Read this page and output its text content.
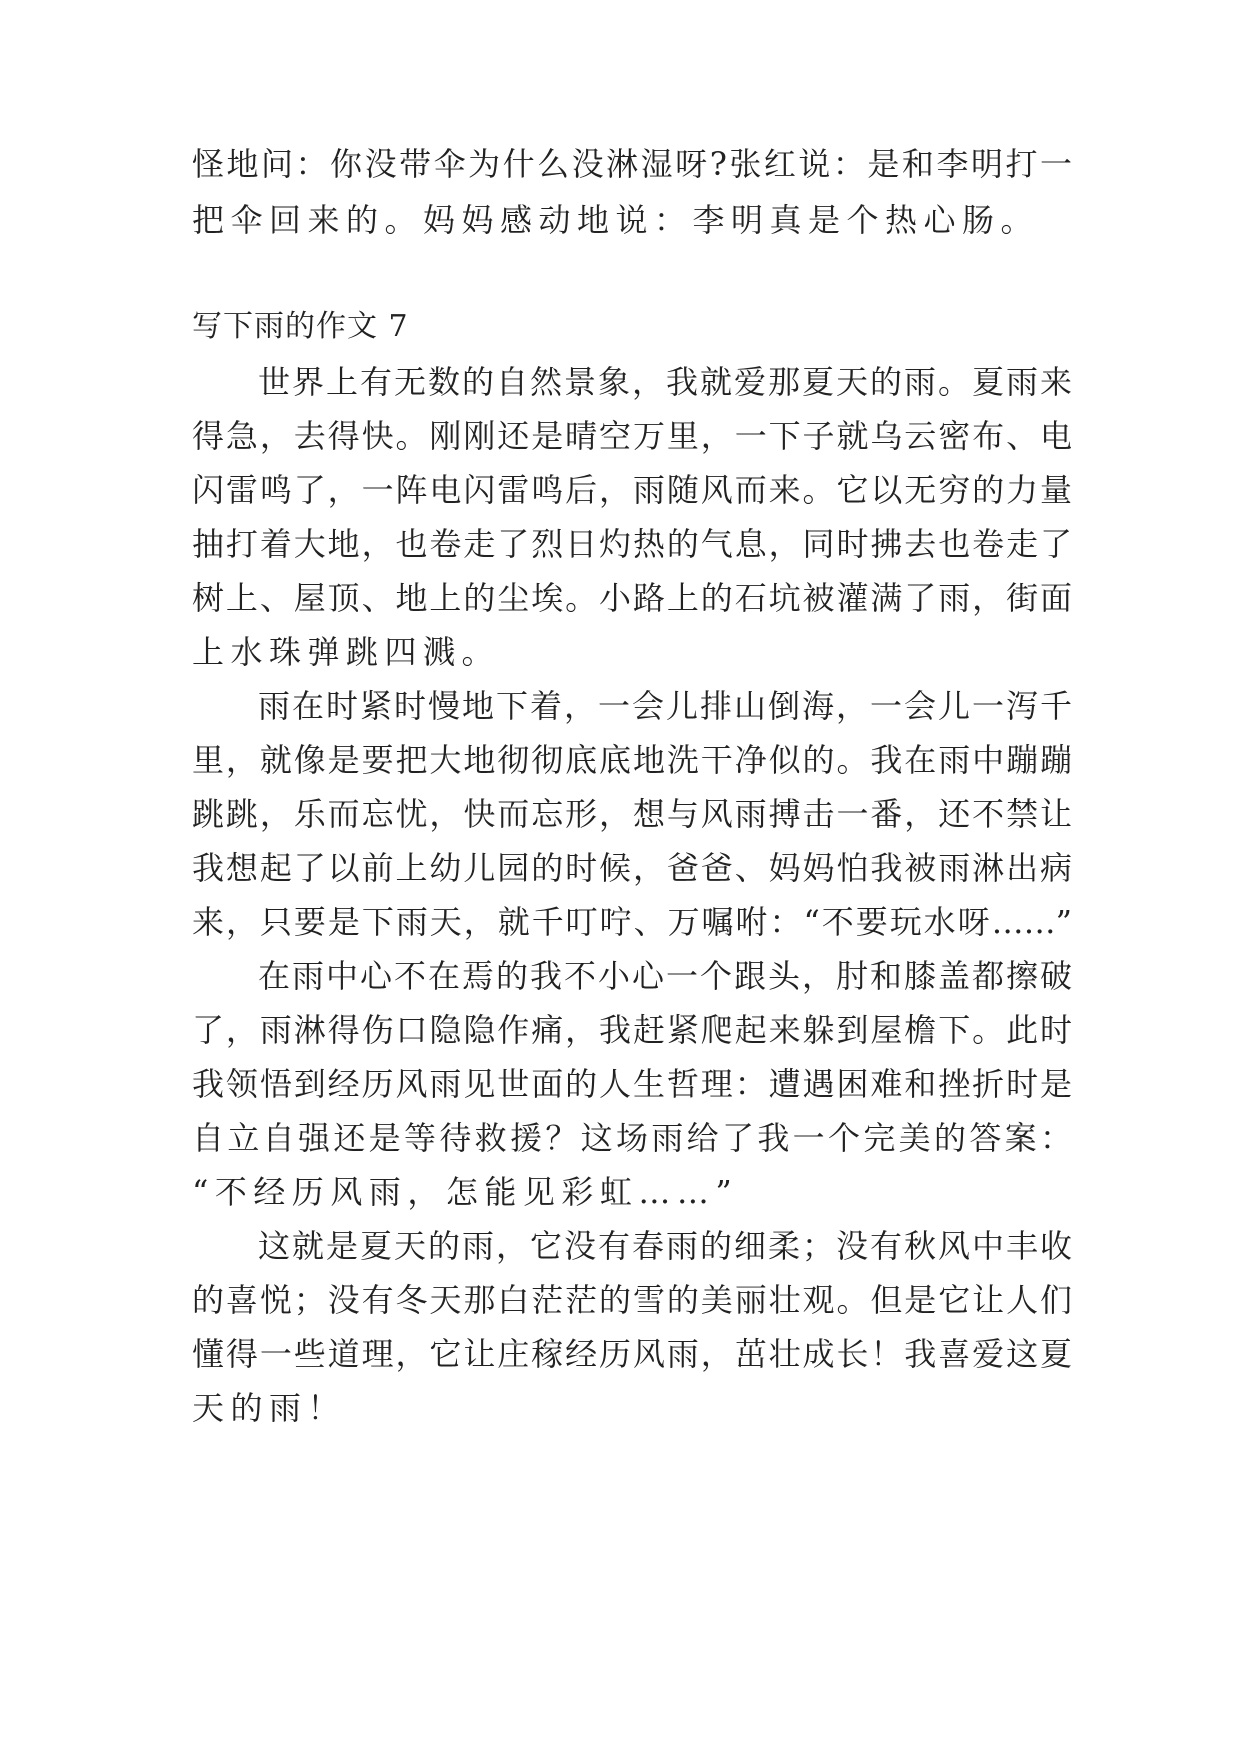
怪地问：你没带伞为什么没淋湿呀?张红说：是和李明打一
把伞回来的。妈妈感动地说：李明真是个热心肠。
写下雨的作文 7
世界上有无数的自然景象，我就爱那夏天的雨。夏雨来
得急，去得快。刚刚还是晴空万里，一下子就乌云密布、电
闪雷鸣了，一阵电闪雷鸣后，雨随风而来。它以无穷的力量
抽打着大地，也卷走了烈日灼热的气息，同时拂去也卷走了
树上、屋顶、地上的尘埃。小路上的石坑被灌满了雨，街面
上水珠弹跳四溅。
雨在时紧时慢地下着，一会儿排山倒海，一会儿一泻千
里，就像是要把大地彻彻底底地洗干净似的。我在雨中蹦蹦
跳跳，乐而忘忧，快而忘形，想与风雨搏击一番，还不禁让
我想起了以前上幼儿园的时候，爸爸、妈妈怕我被雨淋出病
来，只要是下雨天，就千叮咛、万嘱咐：“不要玩水呀……”
在雨中心不在焉的我不小心一个跟头，肘和膝盖都擦破
了，雨淋得伤口隐隐作痛，我赶紧爬起来躲到屋檐下。此时
我领悟到经历风雨见世面的人生哲理：遭遇困难和挫折时是
自立自强还是等待救援？这场雨给了我一个完美的答案：
“不经历风雨，怎能见彩虹……”
这就是夏天的雨，它没有春雨的细柔；没有秋风中丰收
的喜悦；没有冬天那白茫茫的雪的美丽壮观。但是它让人们
懂得一些道理，它让庄稼经历风雨，茁壮成长！我喜爱这夏
天的雨！
